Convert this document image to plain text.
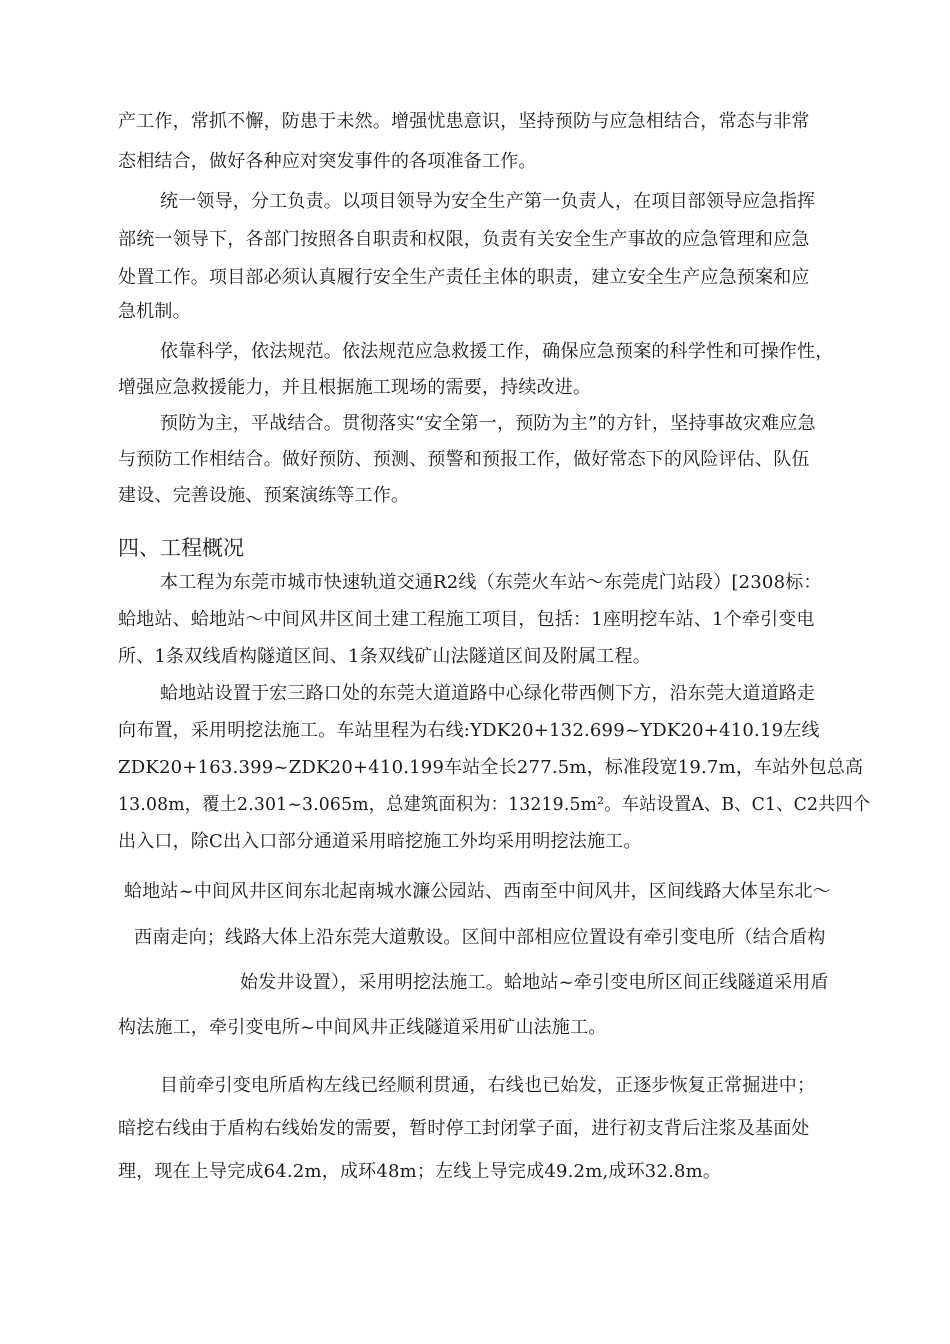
产工作，常抓不懈，防患于未然。增强忧患意识，坚持预防与应急相结合，常态与非常
态相结合，做好各种应对突发事件的各项准备工作。
统一领导，分工负责。以项目领导为安全生产第一负责人，在项目部领导应急指挥
部统一领导下，各部门按照各自职责和权限，负责有关安全生产事故的应急管理和应急
处置工作。项目部必须认真履行安全生产责任主体的职责，建立安全生产应急预案和应
急机制。
依靠科学，依法规范。依法规范应急救援工作，确保应急预案的科学性和可操作性，
增强应急救援能力，并且根据施工现场的需要，持续改进。
预防为主，平战结合。贯彻落实“安全第一，预防为主”的方针，坚持事故灾难应急
与预防工作相结合。做好预防、预测、预警和预报工作，做好常态下的风险评估、队伍
建设、完善设施、预案演练等工作。
四、工程概况
本工程为东莞市城市快速轨道交通R2线（东莞火车站～东莞虎门站段）[2308标：
蛤地站、蛤地站～中间风井区间土建工程施工项目，包括：1座明挖车站、1个牵引变电
所、1条双线盾构隧道区间、1条双线矿山法隧道区间及附属工程。
蛤地站设置于宏三路口处的东莞大道道路中心绿化带西侧下方，沿东莞大道道路走
向布置，采用明挖法施工。车站里程为右线:YDK20+132.699~YDK20+410.19左线
ZDK20+163.399~ZDK20+410.199车站全长277.5m，标准段宽19.7m，车站外包总高
13.08m，覆土2.301~3.065m，总建筑面积为：13219.5m²。车站设置A、B、C1、C2共四个
出入口，除C出入口部分通道采用暗挖施工外均采用明挖法施工。
蛤地站~中间风井区间东北起南城水濂公园站、西南至中间风井，区间线路大体呈东北～
西南走向；线路大体上沿东莞大道敷设。区间中部相应位置设有牵引变电所（结合盾构
始发井设置），采用明挖法施工。蛤地站~牵引变电所区间正线隧道采用盾
构法施工，牵引变电所~中间风井正线隧道采用矿山法施工。
目前牵引变电所盾构左线已经顺利贯通，右线也已始发，正逐步恢复正常掘进中；
暗挖右线由于盾构右线始发的需要，暂时停工封闭掌子面，进行初支背后注浆及基面处
理，现在上导完成64.2m，成环48m；左线上导完成49.2m,成环32.8m。
